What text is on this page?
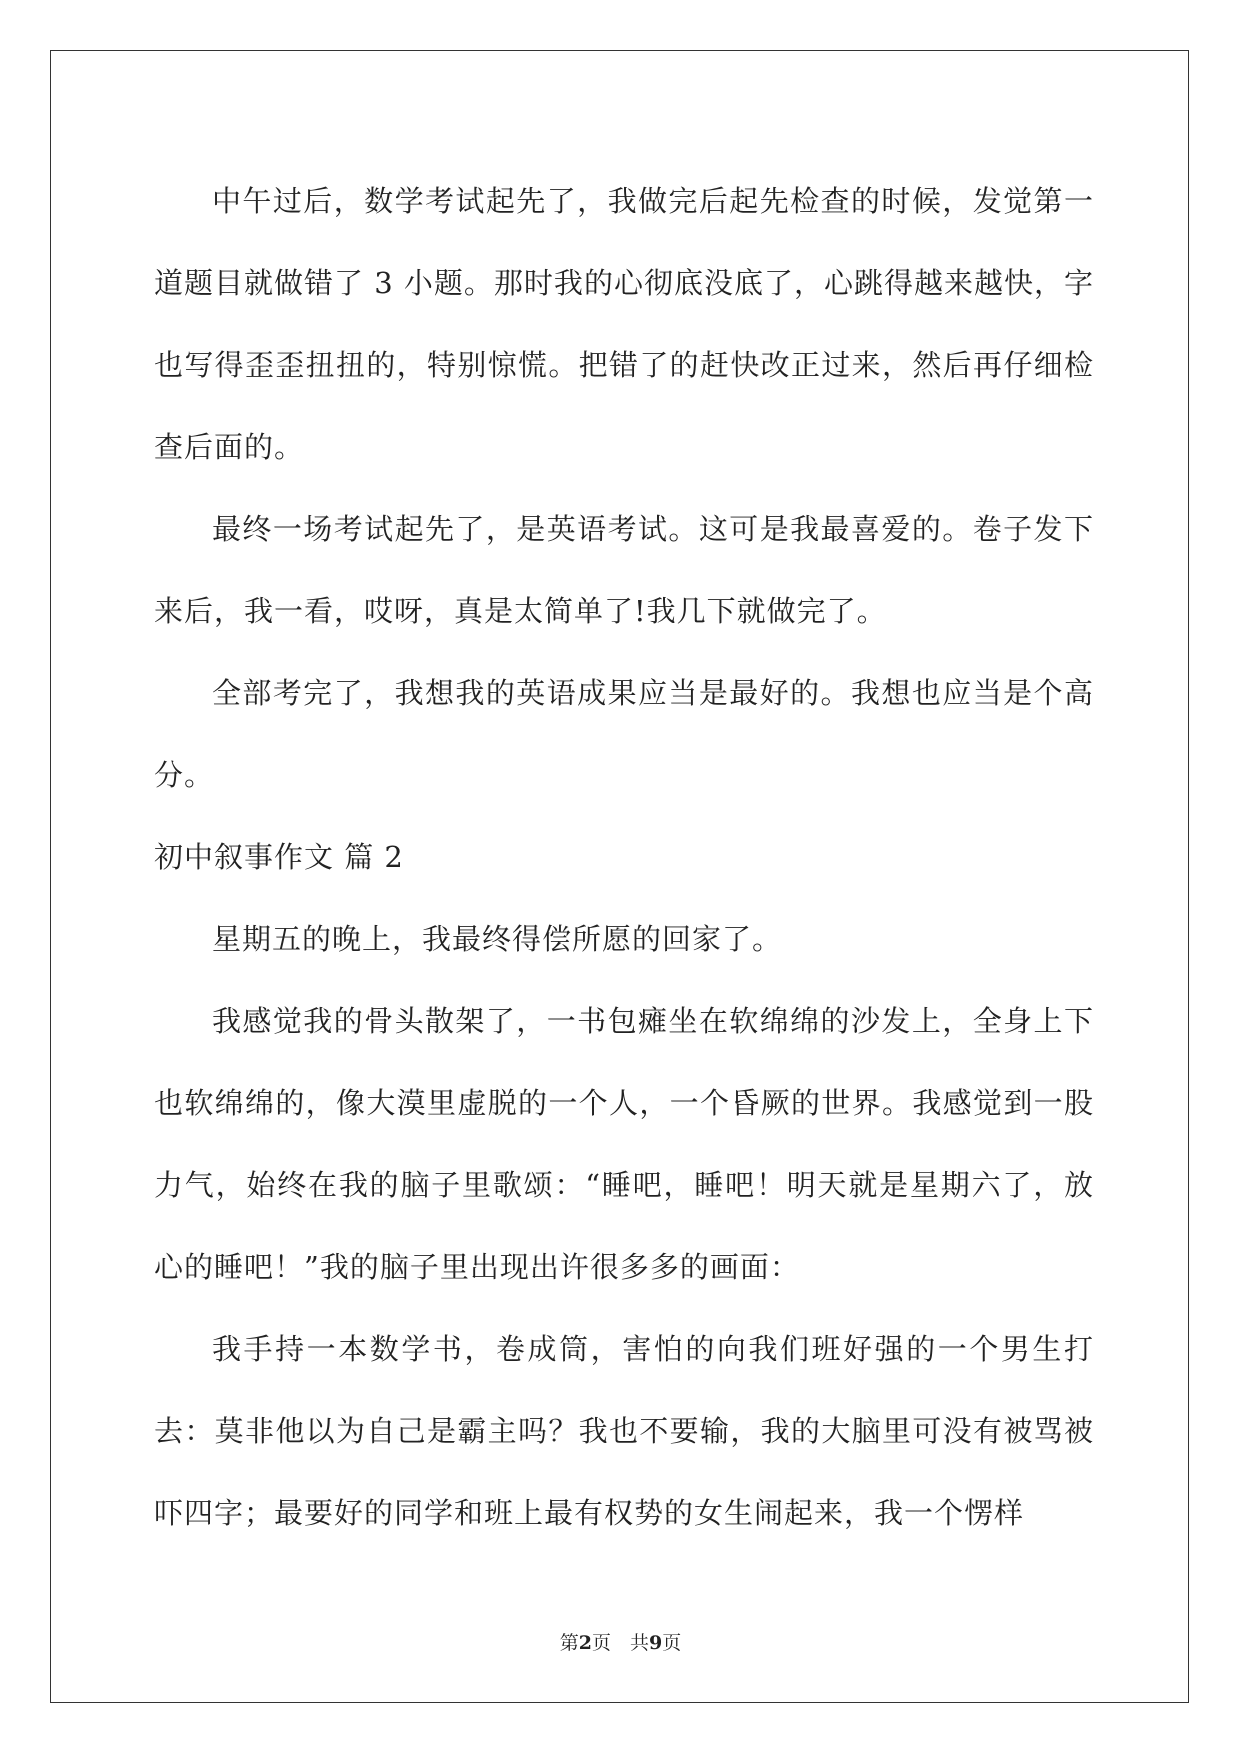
中午过后，数学考试起先了，我做完后起先检查的时候，发觉第一道题目就做错了 3 小题。那时我的心彻底没底了，心跳得越来越快，字也写得歪歪扭扭的，特别惊慌。把错了的赶快改正过来，然后再仔细检查后面的。

最终一场考试起先了，是英语考试。这可是我最喜爱的。卷子发下来后，我一看，哎呀，真是太简单了!我几下就做完了。

全部考完了，我想我的英语成果应当是最好的。我想也应当是个高分。

初中叙事作文 篇 2

星期五的晚上，我最终得偿所愿的回家了。

我感觉我的骨头散架了，一书包瘫坐在软绵绵的沙发上，全身上下也软绵绵的，像大漠里虚脱的一个人，一个昏厥的世界。我感觉到一股力气，始终在我的脑子里歌颂：“睡吧，睡吧！明天就是星期六了，放心的睡吧！”我的脑子里出现出许很多多的画面：

我手持一本数学书，卷成筒，害怕的向我们班好强的一个男生打去：莫非他以为自己是霸主吗？我也不要输，我的大脑里可没有被骂被吓四字；最要好的同学和班上最有权势的女生闹起来，我一个愣样

第2页　共9页
